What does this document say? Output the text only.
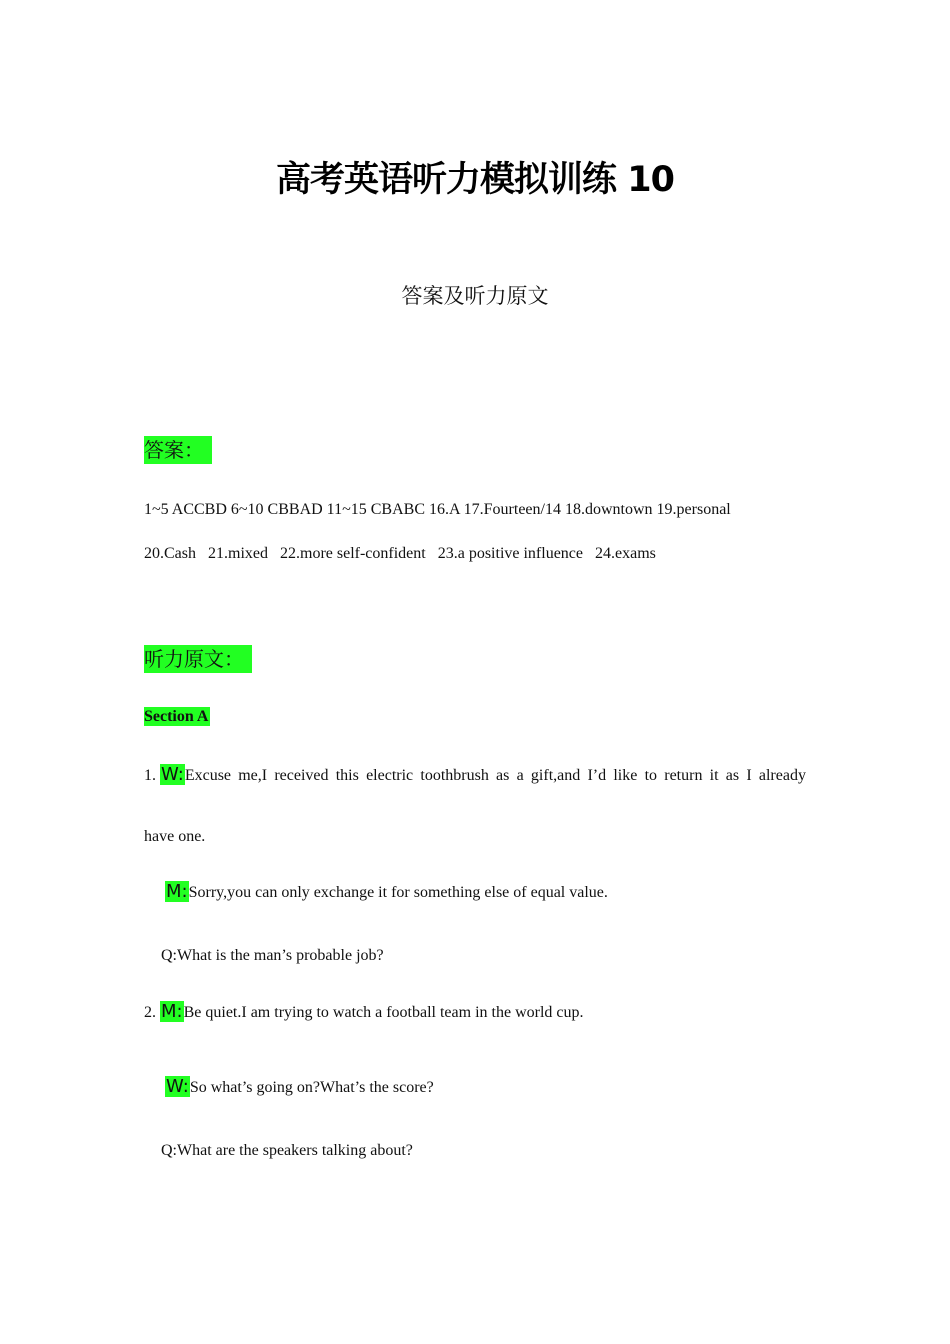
高考英语听力模拟训练 10
答案及听力原文
答案：
1~5 ACCBD 6~10 CBBAD 11~15 CBABC 16.A 17.Fourteen/14 18.downtown 19.personal
20.Cash   21.mixed   22.more self-confident   23.a positive influence   24.exams
听力原文：
Section A
1. W:Excuse me,I received this electric toothbrush as a gift,and I’d like to return it as I already
have one.
M:Sorry,you can only exchange it for something else of equal value.
Q:What is the man’s probable job?
2. M:Be quiet.I am trying to watch a football team in the world cup.
W:So what’s going on?What’s the score?
Q:What are the speakers talking about?
